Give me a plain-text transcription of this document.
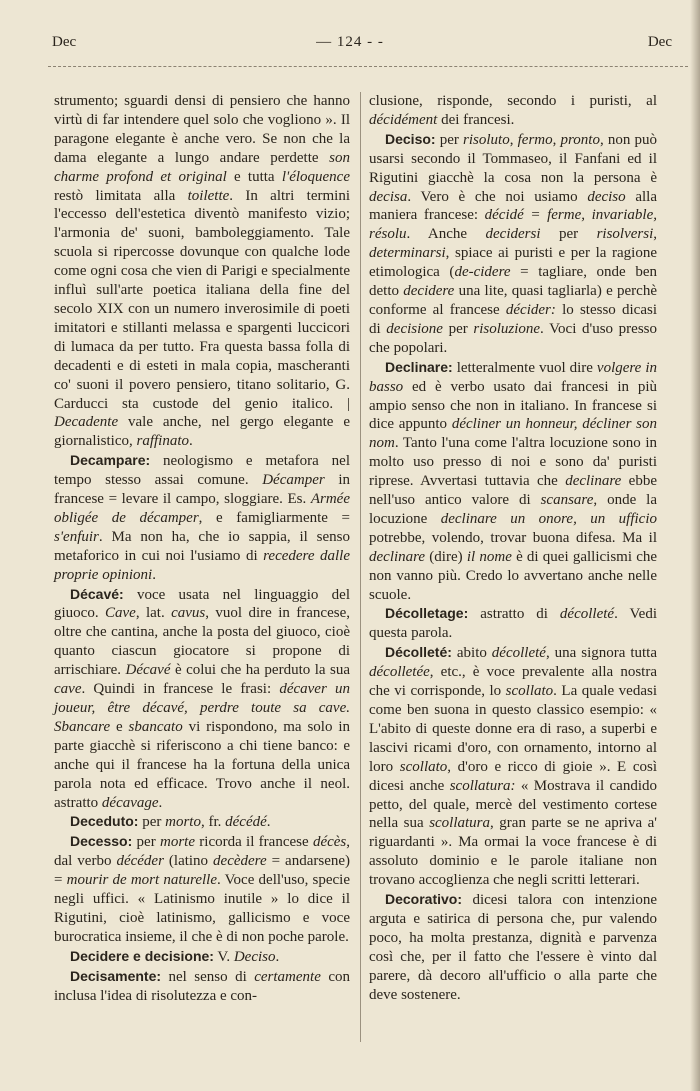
Dec	— 124 - -	Dec

strumento; sguardi densi di pensiero che hanno virtù di far intendere quel solo che vogliono ». Il paragone elegante è anche vero. Se non che la dama elegante a lungo andare perdette son charme profond et original e tutta l'éloquence restò limitata alla toilette. In altri termini l'eccesso dell'estetica diventò manifesto vizio; l'armonia de' suoni, bamboleggiamento. Tale scuola si ripercosse dovunque con qualche lode come ogni cosa che vien di Parigi e specialmente influì sull'arte poetica italiana della fine del secolo XIX con un numero inverosimile di poeti imitatori e stillanti melassa e spargenti luccicori di lumaca da per tutto. Fra questa bassa folla di decadenti e di esteti in mala copia, mascheranti co' suoni il povero pensiero, titano solitario, G. Carducci sta custode del genio italico. | Decadente vale anche, nel gergo elegante e giornalistico, raffinato.

Decampare: neologismo e metafora nel tempo stesso assai comune. Décamper in francese = levare il campo, sloggiare. Es. Armée obligée de décamper, e famigliarmente = s'enfuir. Ma non ha, che io sappia, il senso metaforico in cui noi l'usiamo di recedere dalle proprie opinioni.

Décavé: voce usata nel linguaggio del giuoco. Cave, lat. cavus, vuol dire in francese, oltre che cantina, anche la posta del giuoco, cioè quanto ciascun giocatore si propone di arrischiare. Décavé è colui che ha perduto la sua cave. Quindi in francese le frasi: décaver un joueur, être décavé, perdre toute sa cave. Sbancare e sbancato vi rispondono, ma solo in parte giacchè si riferiscono a chi tiene banco: e anche qui il francese ha la fortuna della unica parola nota ed efficace. Trovo anche il neol. astratto décavage.

Deceduto: per morto, fr. décédé.

Decesso: per morte ricorda il francese décès, dal verbo décéder (latino decèdere = andarsene) = mourir de mort naturelle. Voce dell'uso, specie negli uffici. « Latinismo inutile » lo dice il Rigutini, cioè latinismo, gallicismo e voce burocratica insieme, il che è di non poche parole.

Decidere e decisione: V. Deciso.

Decisamente: nel senso di certamente con inclusa l'idea di risolutezza e con-

clusione, risponde, secondo i puristi, al décidément dei francesi.

Deciso: per risoluto, fermo, pronto, non può usarsi secondo il Tommaseo, il Fanfani ed il Rigutini giacchè la cosa non la persona è decisa. Vero è che noi usiamo deciso alla maniera francese: décidé = ferme, invariable, résolu. Anche decidersi per risolversi, determinarsi, spiace ai puristi e per la ragione etimologica (de-cidere = tagliare, onde ben detto decidere una lite, quasi tagliarla) e perchè conforme al francese décider: lo stesso dicasi di decisione per risoluzione. Voci d'uso presso che popolari.

Declinare: letteralmente vuol dire volgere in basso ed è verbo usato dai francesi in più ampio senso che non in italiano. In francese si dice appunto décliner un honneur, décliner son nom. Tanto l'una come l'altra locuzione sono in molto uso presso di noi e sono da' puristi riprese. Avvertasi tuttavia che declinare ebbe nell'uso antico valore di scansare, onde la locuzione declinare un onore, un ufficio potrebbe, volendo, trovar buona difesa. Ma il declinare (dire) il nome è di quei gallicismi che non vanno più. Credo lo avvertano anche nelle scuole.

Décolletage: astratto di décolleté. Vedi questa parola.

Décolleté: abito décolleté, una signora tutta décolletée, etc., è voce prevalente alla nostra che vi corrisponde, lo scollato. La quale vedasi come ben suona in questo classico esempio: « L'abito di queste donne era di raso, a superbi e lascivi ricami d'oro, con ornamento, intorno al loro scollato, d'oro e ricco di gioie ». E così dicesi anche scollatura: « Mostrava il candido petto, del quale, mercè del vestimento cortese nella sua scollatura, gran parte se ne apriva a' riguardanti ». Ma ormai la voce francese è di assoluto dominio e le parole italiane non trovano accoglienza che negli scritti letterari.

Decorativo: dicesi talora con intenzione arguta e satirica di persona che, pur valendo poco, ha molta prestanza, dignità e parvenza così che, per il fatto che l'essere è vinto dal parere, dà decoro all'ufficio o alla parte che deve sostenere.
